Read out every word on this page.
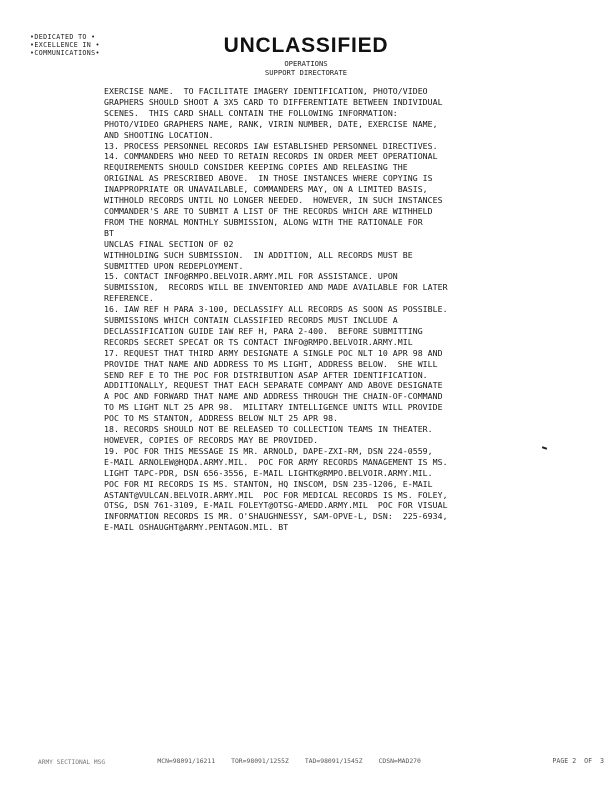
•DEDICATED TO •
•EXCELLENCE IN •
•COMMUNICATIONS•	UNCLASSIFIED
OPERATIONS
SUPPORT DIRECTORATE
EXERCISE NAME.  TO FACILITATE IMAGERY IDENTIFICATION, PHOTO/VIDEO
GRAPHERS SHOULD SHOOT A 3X5 CARD TO DIFFERENTIATE BETWEEN INDIVIDUAL
SCENES.  THIS CARD SHALL CONTAIN THE FOLLOWING INFORMATION:
PHOTO/VIDEO GRAPHERS NAME, RANK, VIRIN NUMBER, DATE, EXERCISE NAME,
AND SHOOTING LOCATION.
13. PROCESS PERSONNEL RECORDS IAW ESTABLISHED PERSONNEL DIRECTIVES.
14. COMMANDERS WHO NEED TO RETAIN RECORDS IN ORDER MEET OPERATIONAL
REQUIREMENTS SHOULD CONSIDER KEEPING COPIES AND RELEASING THE
ORIGINAL AS PRESCRIBED ABOVE.  IN THOSE INSTANCES WHERE COPYING IS
INAPPROPRIATE OR UNAVAILABLE, COMMANDERS MAY, ON A LIMITED BASIS,
WITHHOLD RECORDS UNTIL NO LONGER NEEDED.  HOWEVER, IN SUCH INSTANCES
COMMANDER'S ARE TO SUBMIT A LIST OF THE RECORDS WHICH ARE WITHHELD
FROM THE NORMAL MONTHLY SUBMISSION, ALONG WITH THE RATIONALE FOR
BT
UNCLAS FINAL SECTION OF 02
WITHHOLDING SUCH SUBMISSION.  IN ADDITION, ALL RECORDS MUST BE
SUBMITTED UPON REDEPLOYMENT.
15. CONTACT INFO@RMPO.BELVOIR.ARMY.MIL FOR ASSISTANCE. UPON
SUBMISSION,  RECORDS WILL BE INVENTORIED AND MADE AVAILABLE FOR LATER
REFERENCE.
16. IAW REF H PARA 3-100, DECLASSIFY ALL RECORDS AS SOON AS POSSIBLE.
SUBMISSIONS WHICH CONTAIN CLASSIFIED RECORDS MUST INCLUDE A
DECLASSIFICATION GUIDE IAW REF H, PARA 2-400.  BEFORE SUBMITTING
RECORDS SECRET SPECAT OR TS CONTACT INFO@RMPO.BELVOIR.ARMY.MIL
17. REQUEST THAT THIRD ARMY DESIGNATE A SINGLE POC NLT 10 APR 98 AND
PROVIDE THAT NAME AND ADDRESS TO MS LIGHT, ADDRESS BELOW.  SHE WILL
SEND REF E TO THE POC FOR DISTRIBUTION ASAP AFTER IDENTIFICATION.
ADDITIONALLY, REQUEST THAT EACH SEPARATE COMPANY AND ABOVE DESIGNATE
A POC AND FORWARD THAT NAME AND ADDRESS THROUGH THE CHAIN-OF-COMMAND
TO MS LIGHT NLT 25 APR 98.  MILITARY INTELLIGENCE UNITS WILL PROVIDE
POC TO MS STANTON, ADDRESS BELOW NLT 25 APR 98.
18. RECORDS SHOULD NOT BE RELEASED TO COLLECTION TEAMS IN THEATER.
HOWEVER, COPIES OF RECORDS MAY BE PROVIDED.
19. POC FOR THIS MESSAGE IS MR. ARNOLD, DAPE-ZXI-RM, DSN 224-0559,
E-MAIL ARNOLEW@HQDA.ARMY.MIL.  POC FOR ARMY RECORDS MANAGEMENT IS MS.
LIGHT TAPC-PDR, DSN 656-3556, E-MAIL LIGHTK@RMPO.BELVOIR.ARMY.MIL.
POC FOR MI RECORDS IS MS. STANTON, HQ INSCOM, DSN 235-1206, E-MAIL
ASTANT@VULCAN.BELVOIR.ARMY.MIL  POC FOR MEDICAL RECORDS IS MS. FOLEY,
OTSG, DSN 761-3109, E-MAIL FOLEYT@OTSG-AMEDD.ARMY.MIL  POC FOR VISUAL
INFORMATION RECORDS IS MR. O'SHAUGHNESSY, SAM-OPVE-L, DSN:  225-6934,
E-MAIL OSHAUGHT@ARMY.PENTAGON.MIL. BT

MCN=98091/16211	TOR=98091/1255Z	TAD=98091/1545Z	CDSN=MAD270

ARMY SECTIONAL MSG	PAGE 2  OF  3
